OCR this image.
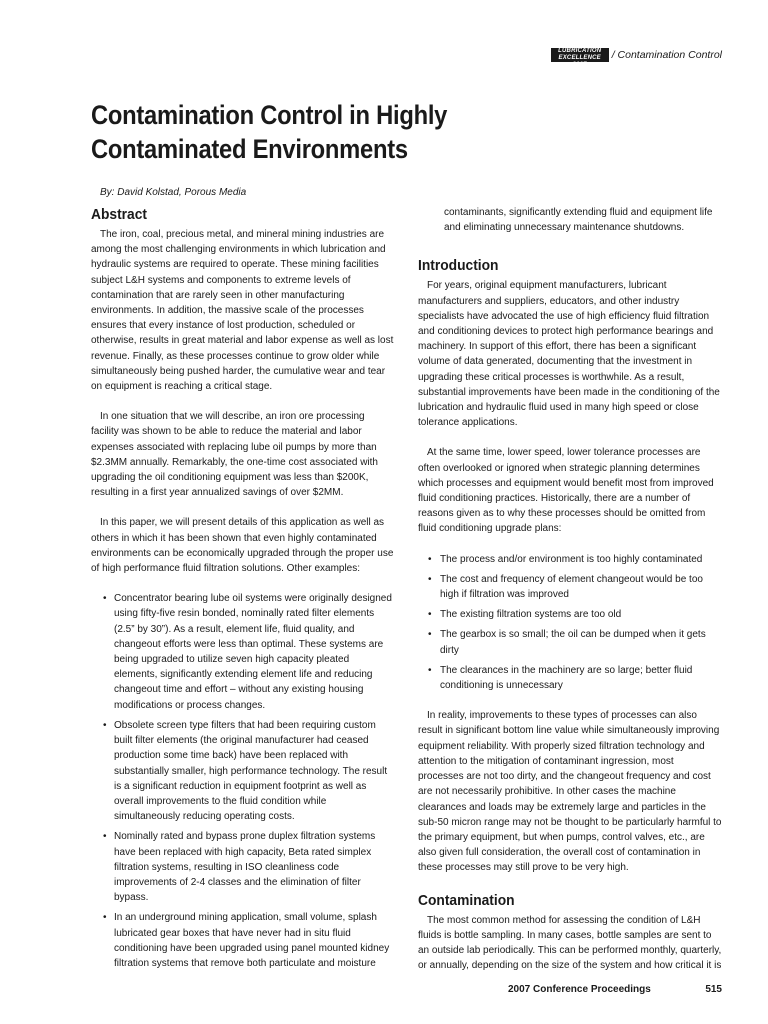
LUBRICATION EXCELLENCE 2007
/ Contamination Control
Contamination Control in Highly Contaminated Environments

By: David Kolstad, Porous Media

Abstract

The iron, coal, precious metal, and mineral mining industries are among the most challenging environments in which lubrication and hydraulic systems are required to operate. These mining facilities subject L&H systems and components to extreme levels of contamination that are rarely seen in other manufacturing environments. In addition, the massive scale of the processes ensures that every instance of lost production, scheduled or otherwise, results in great material and labor expense as well as lost revenue. Finally, as these processes continue to grow older while simultaneously being pushed harder, the cumulative wear and tear on equipment is reaching a critical stage.

In one situation that we will describe, an iron ore processing facility was shown to be able to reduce the material and labor expenses associated with replacing lube oil pumps by more than $2.3MM annually. Remarkably, the one-time cost associated with upgrading the oil conditioning equipment was less than $200K, resulting in a first year annualized savings of over $2MM.

In this paper, we will present details of this application as well as others in which it has been shown that even highly contaminated environments can be economically upgraded through the proper use of high performance fluid filtration solutions. Other examples:

• Concentrator bearing lube oil systems were originally designed using fifty-five resin bonded, nominally rated filter elements (2.5” by 30”). As a result, element life, fluid quality, and changeout efforts were less than optimal. These systems are being upgraded to utilize seven high capacity pleated elements, significantly extending element life and reducing changeout time and effort – without any existing housing modifications or process changes.
• Obsolete screen type filters that had been requiring custom built filter elements (the original manufacturer had ceased production some time back) have been replaced with substantially smaller, high performance technology. The result is a significant reduction in equipment footprint as well as overall improvements to the fluid condition while simultaneously reducing operating costs.
• Nominally rated and bypass prone duplex filtration systems have been replaced with high capacity, Beta rated simplex filtration systems, resulting in ISO cleanliness code improvements of 2-4 classes and the elimination of filter bypass.
• In an underground mining application, small volume, splash lubricated gear boxes that have never had in situ fluid conditioning have been upgraded using panel mounted kidney filtration systems that remove both particulate and moisture

contaminants, significantly extending fluid and equipment life and eliminating unnecessary maintenance shutdowns.

Introduction

For years, original equipment manufacturers, lubricant manufacturers and suppliers, educators, and other industry specialists have advocated the use of high efficiency fluid filtration and conditioning devices to protect high performance bearings and machinery. In support of this effort, there has been a significant volume of data generated, documenting that the investment in upgrading these critical processes is worthwhile. As a result, substantial improvements have been made in the conditioning of the lubrication and hydraulic fluid used in many high speed or close tolerance applications.

At the same time, lower speed, lower tolerance processes are often overlooked or ignored when strategic planning determines which processes and equipment would benefit most from improved fluid conditioning practices. Historically, there are a number of reasons given as to why these processes should be omitted from fluid conditioning upgrade plans:

• The process and/or environment is too highly contaminated
• The cost and frequency of element changeout would be too high if filtration was improved
• The existing filtration systems are too old
• The gearbox is so small; the oil can be dumped when it gets dirty
• The clearances in the machinery are so large; better fluid conditioning is unnecessary

In reality, improvements to these types of processes can also result in significant bottom line value while simultaneously improving equipment reliability. With properly sized filtration technology and attention to the mitigation of contaminant ingression, most processes are not too dirty, and the changeout frequency and cost are not necessarily prohibitive. In other cases the machine clearances and loads may be extremely large and particles in the sub-50 micron range may not be thought to be particularly harmful to the primary equipment, but when pumps, control valves, etc., are also given full consideration, the overall cost of contamination in these processes may still prove to be very high.

Contamination

The most common method for assessing the condition of L&H fluids is bottle sampling. In many cases, bottle samples are sent to an outside lab periodically. This can be performed monthly, quarterly, or annually, depending on the size of the system and how critical it is

2007 Conference Proceedings	515
